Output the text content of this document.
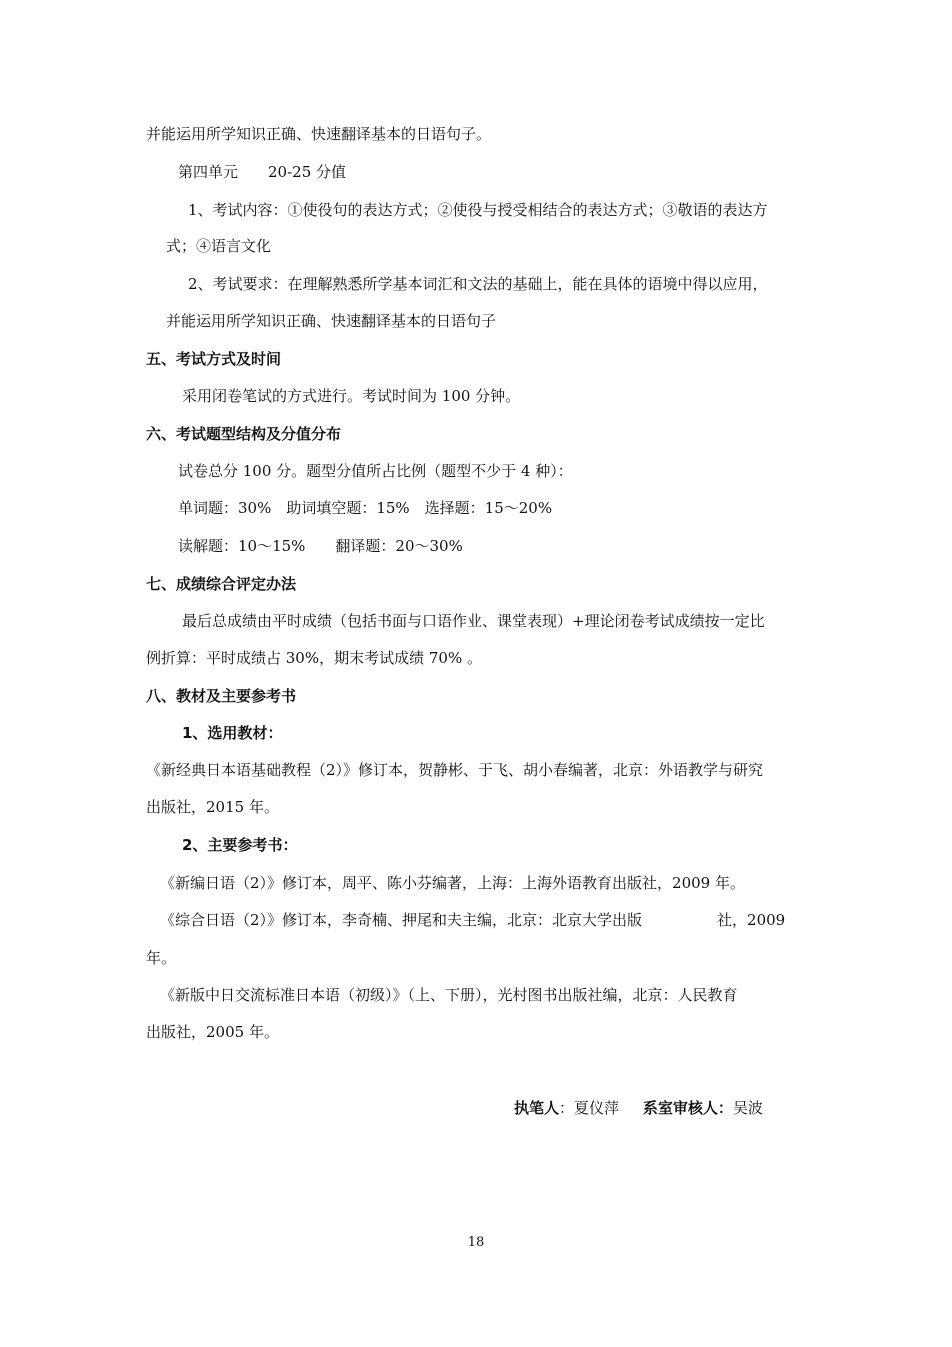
并能运用所学知识正确、快速翻译基本的日语句子。
第四单元　　20-25 分值
1、考试内容：①使役句的表达方式；②使役与授受相结合的表达方式；③敬语的表达方
式；④语言文化
2、考试要求：在理解熟悉所学基本词汇和文法的基础上，能在具体的语境中得以应用，
并能运用所学知识正确、快速翻译基本的日语句子
五、考试方式及时间
采用闭卷笔试的方式进行。考试时间为 100 分钟。
六、考试题型结构及分值分布
试卷总分 100 分。题型分值所占比例（题型不少于 4 种）：
单词题：30%　助词填空题：15%　选择题：15～20%
读解题：10～15%　　翻译题：20～30%
七、成绩综合评定办法
最后总成绩由平时成绩（包括书面与口语作业、课堂表现）+理论闭卷考试成绩按一定比
例折算：平时成绩占 30%，期末考试成绩 70% 。
八、教材及主要参考书
1、选用教材：
《新经典日本语基础教程（2）》修订本，贺静彬、于飞、胡小春编著，北京：外语教学与研究
出版社，2015 年。
2、主要参考书：
《新编日语（2）》修订本，周平、陈小芬编著，上海：上海外语教育出版社，2009 年。
《综合日语（2）》修订本，李奇楠、押尾和夫主编，北京：北京大学出版　　　　　社，2009
年。
《新版中日交流标准日本语（初级）》（上、下册），光村图书出版社编，北京：人民教育
出版社，2005 年。
执笔人：夏仪萍 系室审核人：吴波
18
